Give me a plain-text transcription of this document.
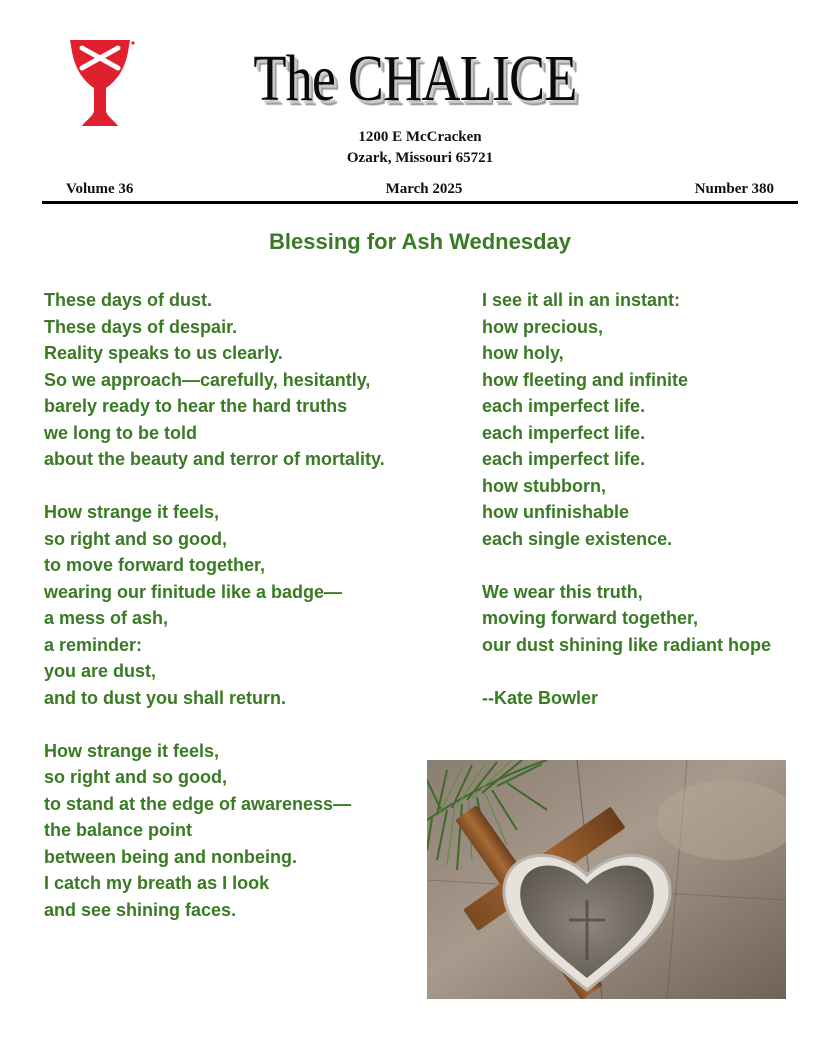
The CHALICE
1200 E McCracken
Ozark, Missouri 65721
Volume 36	March 2025	Number 380
Blessing for Ash Wednesday
These days of dust.
These days of despair.
Reality speaks to us clearly.
So we approach—carefully, hesitantly,
barely ready to hear the hard truths
we long to be told
about the beauty and terror of mortality.
How strange it feels,
so right and so good,
to move forward together,
wearing our finitude like a badge—
a mess of ash,
a reminder:
you are dust,
and to dust you shall return.
How strange it feels,
so right and so good,
to stand at the edge of awareness—
the balance point
between being and nonbeing.
I catch my breath as I look
and see shining faces.
I see it all in an instant:
how precious,
how holy,
how fleeting and infinite
each imperfect life.
each imperfect life.
each imperfect life.
how stubborn,
how unfinishable
each single existence.
We wear this truth,
moving forward together,
our dust shining like radiant hope
--Kate Bowler
